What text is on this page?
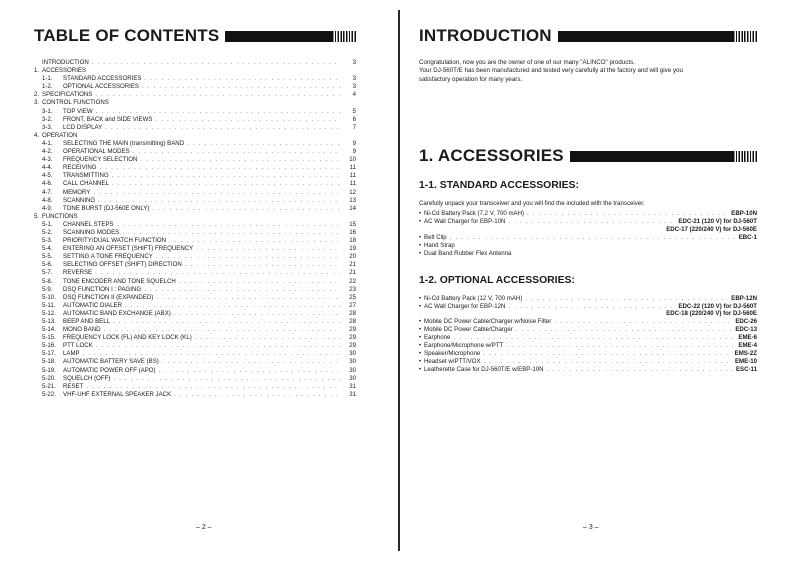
TABLE OF CONTENTS
INTRODUCTION . . .	3
1. ACCESSORIES
1-1.	STANDARD ACCESSORIES . . .	3
1-2.	OPTIONAL ACCESSORIES . . .	3
2. SPECIFICATIONS . . .	4
3. CONTROL FUNCTIONS
3-1.	TOP VIEW . . .	5
3-2.	FRONT, BACK and SIDE VIEWS . . .	6
3-3.	LCD DISPLAY . . .	7
4. OPERATION
4-1.	SELECTING THE MAIN (transmitting) BAND . . .	9
4-2.	OPERATIONAL MODES . . .	9
4-3.	FREQUENCY SELECTION . . .	10
4-4.	RECEIVING . . .	11
4-5.	TRANSMITTING . . .	11
4-6.	CALL CHANNEL . . .	11
4-7.	MEMORY . . .	12
4-8.	SCANNING . . .	13
4-9.	TONE BURST (DJ-560E ONLY) . . .	14
5. FUNCTIONS
5-1.	CHANNEL STEPS . . .	15
5-2.	SCANNING MODES . . .	16
5-3.	PRIORITY/DUAL WATCH FUNCTION . . .	18
5-4.	ENTERING AN OFFSET (SHIFT) FREQUENCY . . .	19
5-5.	SETTING A TONE FREQUENCY . . .	20
5-6.	SELECTING OFFSET (SHIFT) DIRECTION . . .	21
5-7.	REVERSE . . .	21
5-8.	TONE ENCODER AND TONE SQUELCH . . .	22
5-9.	DSQ FUNCTION I : PAGING . . .	23
5-10.	DSQ FUNCTION II (EXPANDED) . . .	25
5-11.	AUTOMATIC DIALER . . .	27
5-12.	AUTOMATIC BAND EXCHANGE (ABX) . . .	28
5-13.	BEEP AND BELL . . .	28
5-14.	MONO BAND . . .	29
5-15.	FREQUENCY LOCK (FL) AND KEY LOCK (KL) . . .	29
5-16.	PTT LOCK . . .	29
5-17.	LAMP . . .	30
5-18.	AUTOMATIC BATTERY SAVE (BS) . . .	30
5-19.	AUTOMATIC POWER OFF (APO) . . .	30
5-20.	SQUELCH (OFF) . . .	30
5-21.	RESET . . .	31
5-22.	VHF-UHF EXTERNAL SPEAKER JACK . . .	31
– 2 –
INTRODUCTION
Congratulation, now you are the owner of one of our many "ALINCO" products.
Your DJ-560T/E has been manufactured and tested very carefully at the factory and will give you
satisfactory operation for many years.
1. ACCESSORIES
1-1. STANDARD ACCESSORIES:
Carefully unpack your transceiver and you will find the included with the transceiver.
• Ni-Cd Battery Pack (7.2 V, 700 mAH) . . .	EBP-10N
• AC Wall Charger for EBP-10N . . .	EDC-21 (120 V) for DJ-560T
EDC-17 (220/240 V) for DJ-560E
• Belt Clip . . .	EBC-1
• Hand Strap
• Dual Band Rubber Flex Antenna
1-2. OPTIONAL ACCESSORIES:
• Ni-Cd Battery Pack (12 V, 700 mAH) . . .	EBP-12N
• AC Wall Charger for EBP-12N . . .	EDC-22 (120 V) for DJ-560T
EDC-18 (220/240 V) for DJ-560E
• Mobile DC Power Cable/Charger w/Noise Filter . . .	EDC-26
• Mobile DC Power Cable/Charger . . .	EDC-13
• Earphone . . .	EME-6
• Earphone/Microphone w/PTT . . .	EME-4
• Speaker/Microphone . . .	EMS-2Z
• Headset w/PTT/VOX . . .	EME-10
• Leatherette Case for DJ-560T/E w/EBP-10N . . .	ESC-11
– 3 –
